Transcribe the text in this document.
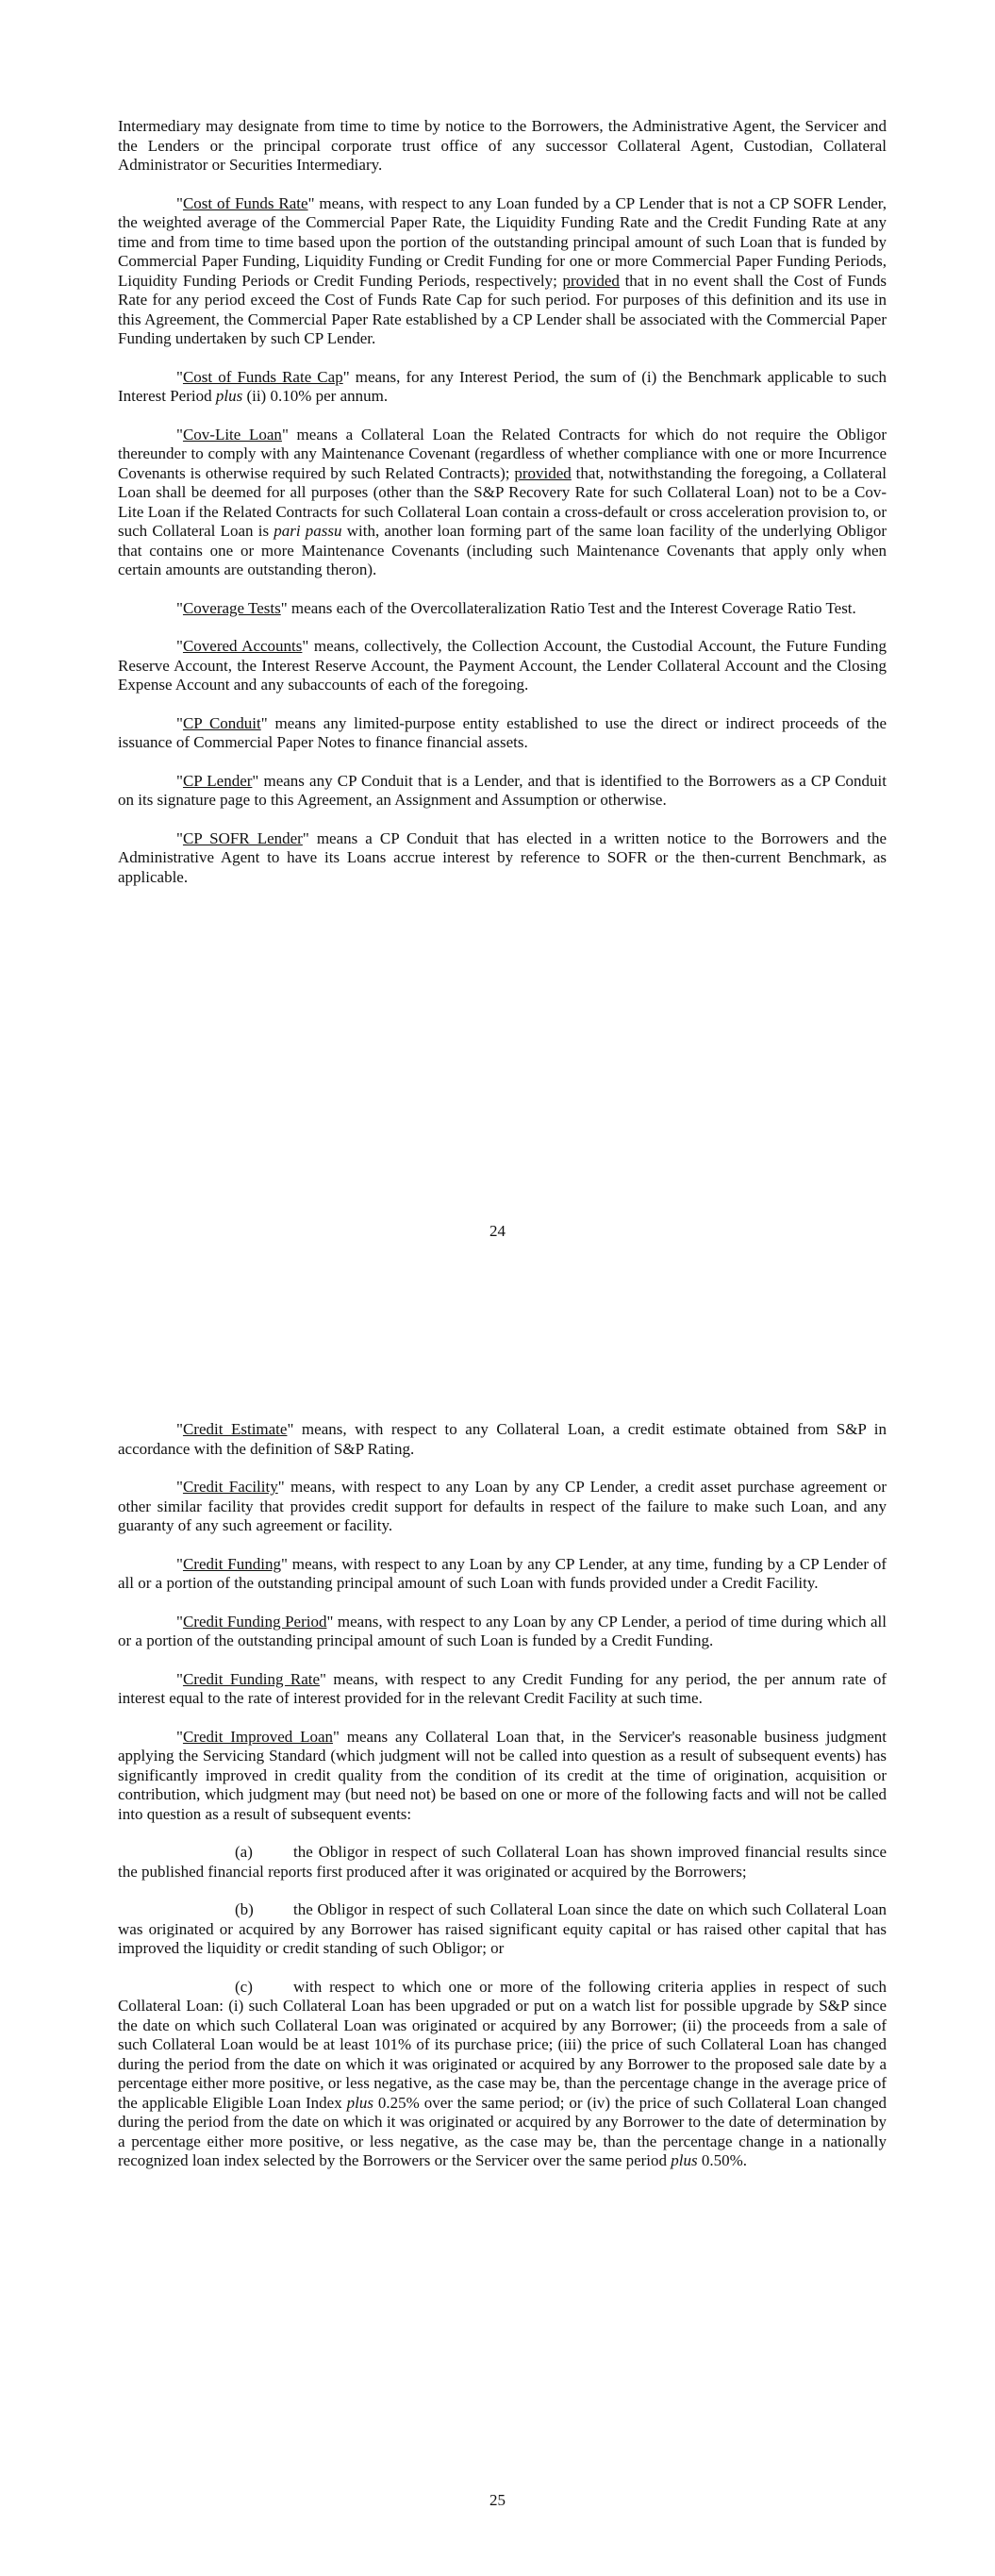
Intermediary may designate from time to time by notice to the Borrowers, the Administrative Agent, the Servicer and the Lenders or the principal corporate trust office of any successor Collateral Agent, Custodian, Collateral Administrator or Securities Intermediary.

"Cost of Funds Rate" means, with respect to any Loan funded by a CP Lender that is not a CP SOFR Lender, the weighted average of the Commercial Paper Rate, the Liquidity Funding Rate and the Credit Funding Rate at any time and from time to time based upon the portion of the outstanding principal amount of such Loan that is funded by Commercial Paper Funding, Liquidity Funding or Credit Funding for one or more Commercial Paper Funding Periods, Liquidity Funding Periods or Credit Funding Periods, respectively; provided that in no event shall the Cost of Funds Rate for any period exceed the Cost of Funds Rate Cap for such period. For purposes of this definition and its use in this Agreement, the Commercial Paper Rate established by a CP Lender shall be associated with the Commercial Paper Funding undertaken by such CP Lender.

"Cost of Funds Rate Cap" means, for any Interest Period, the sum of (i) the Benchmark applicable to such Interest Period plus (ii) 0.10% per annum.

"Cov-Lite Loan" means a Collateral Loan the Related Contracts for which do not require the Obligor thereunder to comply with any Maintenance Covenant (regardless of whether compliance with one or more Incurrence Covenants is otherwise required by such Related Contracts); provided that, notwithstanding the foregoing, a Collateral Loan shall be deemed for all purposes (other than the S&P Recovery Rate for such Collateral Loan) not to be a Cov-Lite Loan if the Related Contracts for such Collateral Loan contain a cross-default or cross acceleration provision to, or such Collateral Loan is pari passu with, another loan forming part of the same loan facility of the underlying Obligor that contains one or more Maintenance Covenants (including such Maintenance Covenants that apply only when certain amounts are outstanding theron).

"Coverage Tests" means each of the Overcollateralization Ratio Test and the Interest Coverage Ratio Test.

"Covered Accounts" means, collectively, the Collection Account, the Custodial Account, the Future Funding Reserve Account, the Interest Reserve Account, the Payment Account, the Lender Collateral Account and the Closing Expense Account and any subaccounts of each of the foregoing.

"CP Conduit" means any limited-purpose entity established to use the direct or indirect proceeds of the issuance of Commercial Paper Notes to finance financial assets.

"CP Lender" means any CP Conduit that is a Lender, and that is identified to the Borrowers as a CP Conduit on its signature page to this Agreement, an Assignment and Assumption or otherwise.

"CP SOFR Lender" means a CP Conduit that has elected in a written notice to the Borrowers and the Administrative Agent to have its Loans accrue interest by reference to SOFR or the then-current Benchmark, as applicable.

24

"Credit Estimate" means, with respect to any Collateral Loan, a credit estimate obtained from S&P in accordance with the definition of S&P Rating.

"Credit Facility" means, with respect to any Loan by any CP Lender, a credit asset purchase agreement or other similar facility that provides credit support for defaults in respect of the failure to make such Loan, and any guaranty of any such agreement or facility.

"Credit Funding" means, with respect to any Loan by any CP Lender, at any time, funding by a CP Lender of all or a portion of the outstanding principal amount of such Loan with funds provided under a Credit Facility.

"Credit Funding Period" means, with respect to any Loan by any CP Lender, a period of time during which all or a portion of the outstanding principal amount of such Loan is funded by a Credit Funding.

"Credit Funding Rate" means, with respect to any Credit Funding for any period, the per annum rate of interest equal to the rate of interest provided for in the relevant Credit Facility at such time.

"Credit Improved Loan" means any Collateral Loan that, in the Servicer's reasonable business judgment applying the Servicing Standard (which judgment will not be called into question as a result of subsequent events) has significantly improved in credit quality from the condition of its credit at the time of origination, acquisition or contribution, which judgment may (but need not) be based on one or more of the following facts and will not be called into question as a result of subsequent events:

(a)	the Obligor in respect of such Collateral Loan has shown improved financial results since the published financial reports first produced after it was originated or acquired by the Borrowers;

(b) the Obligor in respect of such Collateral Loan since the date on which such Collateral Loan was originated or acquired by any Borrower has raised significant equity capital or has raised other capital that has improved the liquidity or credit standing of such Obligor; or

(c)	with respect to which one or more of the following criteria applies in respect of such Collateral Loan: (i) such Collateral Loan has been upgraded or put on a watch list for possible upgrade by S&P since the date on which such Collateral Loan was originated or acquired by any Borrower; (ii) the proceeds from a sale of such Collateral Loan would be at least 101% of its purchase price; (iii) the price of such Collateral Loan has changed during the period from the date on which it was originated or acquired by any Borrower to the proposed sale date by a percentage either more positive, or less negative, as the case may be, than the percentage change in the average price of the applicable Eligible Loan Index plus 0.25% over the same period; or (iv) the price of such Collateral Loan changed during the period from the date on which it was originated or acquired by any Borrower to the date of determination by a percentage either more positive, or less negative, as the case may be, than the percentage change in a nationally recognized loan index selected by the Borrowers or the Servicer over the same period plus 0.50%.

25
